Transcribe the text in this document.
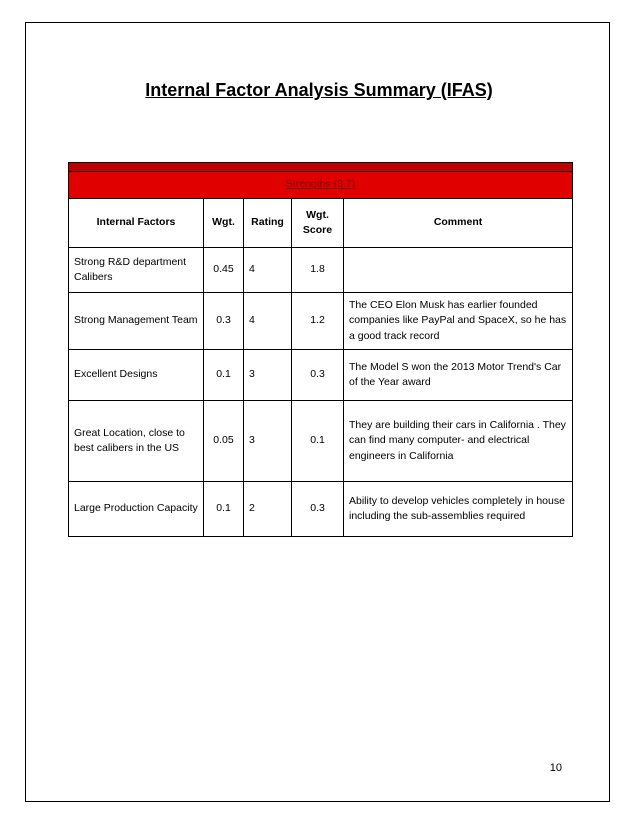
Internal Factor Analysis Summary (IFAS)

Strengths (3.7)				
Internal Factors	Wgt.	Rating	Wgt. Score	Comment
Strong R&D department Calibers	0.45	4	1.8	
Strong Management Team	0.3	4	1.2	The CEO Elon Musk has earlier founded companies like PayPal and SpaceX, so he has a good track record
Excellent Designs	0.1	3	0.3	The Model S won the 2013 Motor Trend's Car of the Year award
Great Location, close to best calibers in the US	0.05	3	0.1	They are building their cars in California . They can find many computer- and electrical engineers in California
Large Production Capacity	0.1	2	0.3	Ability to develop vehicles completely in house including the sub-assemblies required
10
